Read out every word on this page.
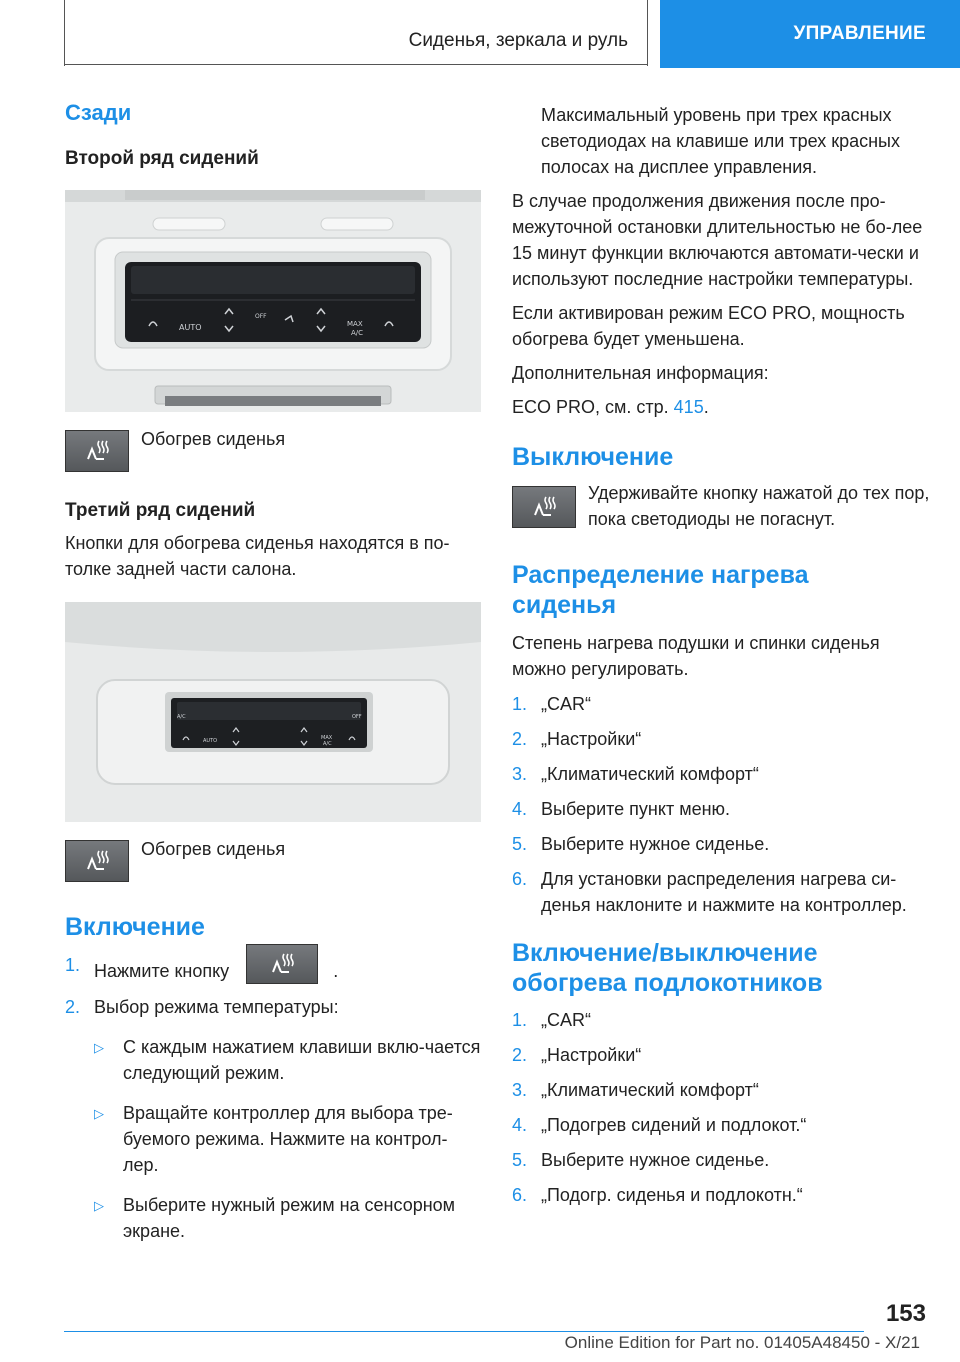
Сиденья, зеркала и руль	УПРАВЛЕНИЕ
Сзади
Второй ряд сидений
AUTO
OFF
MAX
A/C
Обогрев сиденья
Третий ряд сидений

Кнопки для обогрева сиденья находятся в по-толке задней части салона.

A/C	OFF
AUTO	MAX
A/C
Обогрев сиденья
Включение
1. Нажмите кнопку	.
2. Выбор режима температуры:
▷	С каждым нажатием клавиши вклю-чается следующий режим.
▷	Вращайте контроллер для выбора тре-буемого режима. Нажмите на контрол-лер.
▷	Выберите нужный режим на сенсорном экране.

Максимальный уровень при трех красных светодиодах на клавише или трех красных полосах на дисплее управления.

В случае продолжения движения после про-межуточной остановки длительностью не бо-лее 15 минут функции включаются автомати-чески и используют последние настройки температуры.

Если активирован режим ECO PRO, мощность обогрева будет уменьшена.

Дополнительная информация:

ECO PRO, см. стр. 415.

Выключение
Удерживайте кнопку нажатой до тех пор, пока светодиоды не погаснут.
Распределение нагрева сиденья

Степень нагрева подушки и спинки сиденья можно регулировать.

1. „CAR“
2. „Настройки“
3. „Климатический комфорт“
4. Выберите пункт меню.
5. Выберите нужное сиденье.
6. Для установки распределения нагрева си-денья наклоните и нажмите на контроллер.
Включение/выключение обогрева подлокотников
1. „CAR“
2. „Настройки“
3. „Климатический комфорт“
4. „Подогрев сидений и подлокот.“
5. Выберите нужное сиденье.
6. „Подогр. сиденья и подлокотн.“
153
Online Edition for Part no. 01405A48450 - X/21
